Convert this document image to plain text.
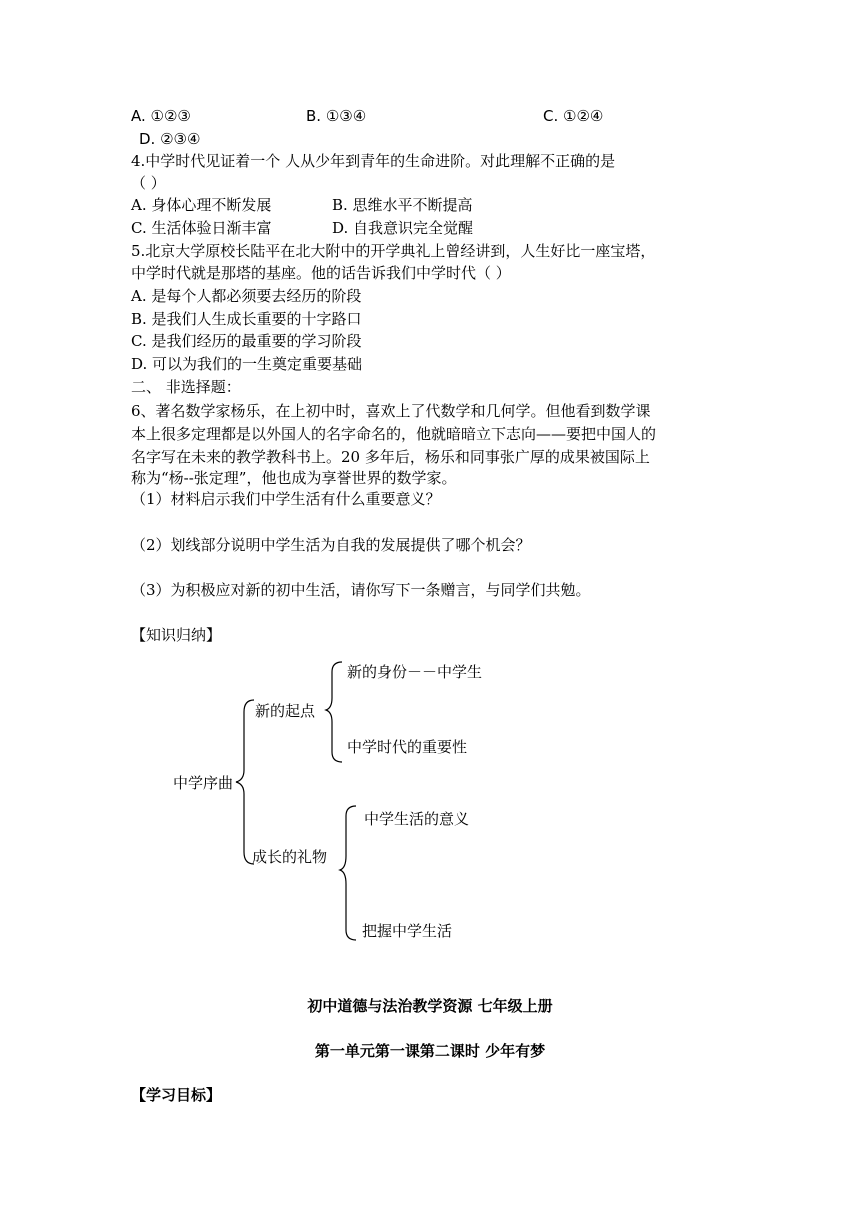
A. ①②③	B. ①③④	C. ①②④
D. ②③④
4.中学时代见证着一个 人从少年到青年的生命进阶。对此理解不正确的是
（ ）
A. 身体心理不断发展	B. 思维水平不断提高
C. 生活体验日渐丰富	D. 自我意识完全觉醒
5.北京大学原校长陆平在北大附中的开学典礼上曾经讲到，人生好比一座宝塔，
中学时代就是那塔的基座。他的话告诉我们中学时代（ ）
A. 是每个人都必须要去经历的阶段
B. 是我们人生成长重要的十字路口
C. 是我们经历的最重要的学习阶段
D. 可以为我们的一生奠定重要基础
二、 非选择题：
6、著名数学家杨乐，在上初中时，喜欢上了代数学和几何学。但他看到数学课
本上很多定理都是以外国人的名字命名的，他就暗暗立下志向——要把中国人的
名字写在未来的教学教科书上。20 多年后，杨乐和同事张广厚的成果被国际上
称为“杨--张定理”，他也成为享誉世界的数学家。
（1）材料启示我们中学生活有什么重要意义？
（2）划线部分说明中学生活为自我的发展提供了哪个机会？
（3）为积极应对新的初中生活，请你写下一条赠言，与同学们共勉。
【知识归纳】
中学序曲
新的起点
新的身份－－中学生
中学时代的重要性
成长的礼物
中学生活的意义
把握中学生活
初中道德与法治教学资源 七年级上册
第一单元第一课第二课时 少年有梦
【学习目标】
